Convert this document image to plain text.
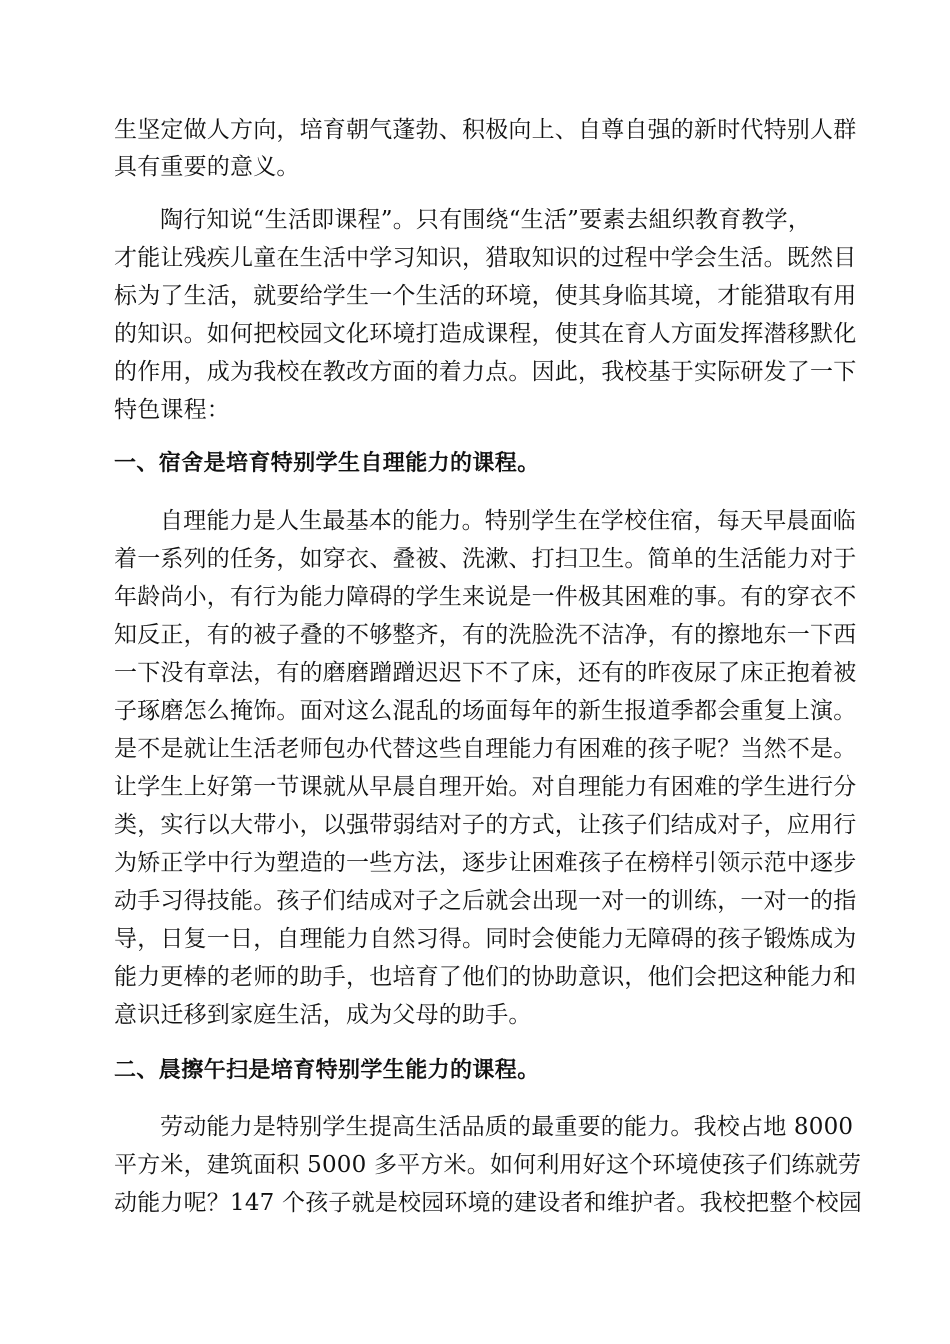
生坚定做人方向，培育朝气蓬勃、积极向上、自尊自强的新时代特别人群
具有重要的意义。
陶行知说“生活即课程”。只有围绕“生活”要素去組织教育教学，
才能让残疾儿童在生活中学习知识，猎取知识的过程中学会生活。既然目
标为了生活，就要给学生一个生活的环境，使其身临其境，才能猎取有用
的知识。如何把校园文化环境打造成课程，使其在育人方面发挥潜移默化
的作用，成为我校在教改方面的着力点。因此，我校基于实际研发了一下
特色课程：
一、宿舍是培育特别学生自理能力的课程。
自理能力是人生最基本的能力。特别学生在学校住宿，每天早晨面临
着一系列的任务，如穿衣、叠被、洗漱、打扫卫生。简单的生活能力对于
年龄尚小，有行为能力障碍的学生来说是一件极其困难的事。有的穿衣不
知反正，有的被子叠的不够整齐，有的洗脸洗不洁净，有的擦地东一下西
一下没有章法，有的磨磨蹭蹭迟迟下不了床，还有的昨夜尿了床正抱着被
子琢磨怎么掩饰。面对这么混乱的场面每年的新生报道季都会重复上演。
是不是就让生活老师包办代替这些自理能力有困难的孩子呢？当然不是。
让学生上好第一节课就从早晨自理开始。对自理能力有困难的学生进行分
类，实行以大带小，以强带弱结对子的方式，让孩子们结成对子，应用行
为矫正学中行为塑造的一些方法，逐步让困难孩子在榜样引领示范中逐步
动手习得技能。孩子们结成对子之后就会出现一对一的训练，一对一的指
导，日复一日，自理能力自然习得。同时会使能力无障碍的孩子锻炼成为
能力更棒的老师的助手，也培育了他们的协助意识，他们会把这种能力和
意识迁移到家庭生活，成为父母的助手。
二、晨擦午扫是培育特别学生能力的课程。
劳动能力是特别学生提高生活品质的最重要的能力。我校占地 8000
平方米，建筑面积 5000 多平方米。如何利用好这个环境使孩子们练就劳
动能力呢？147 个孩子就是校园环境的建设者和维护者。我校把整个校园
